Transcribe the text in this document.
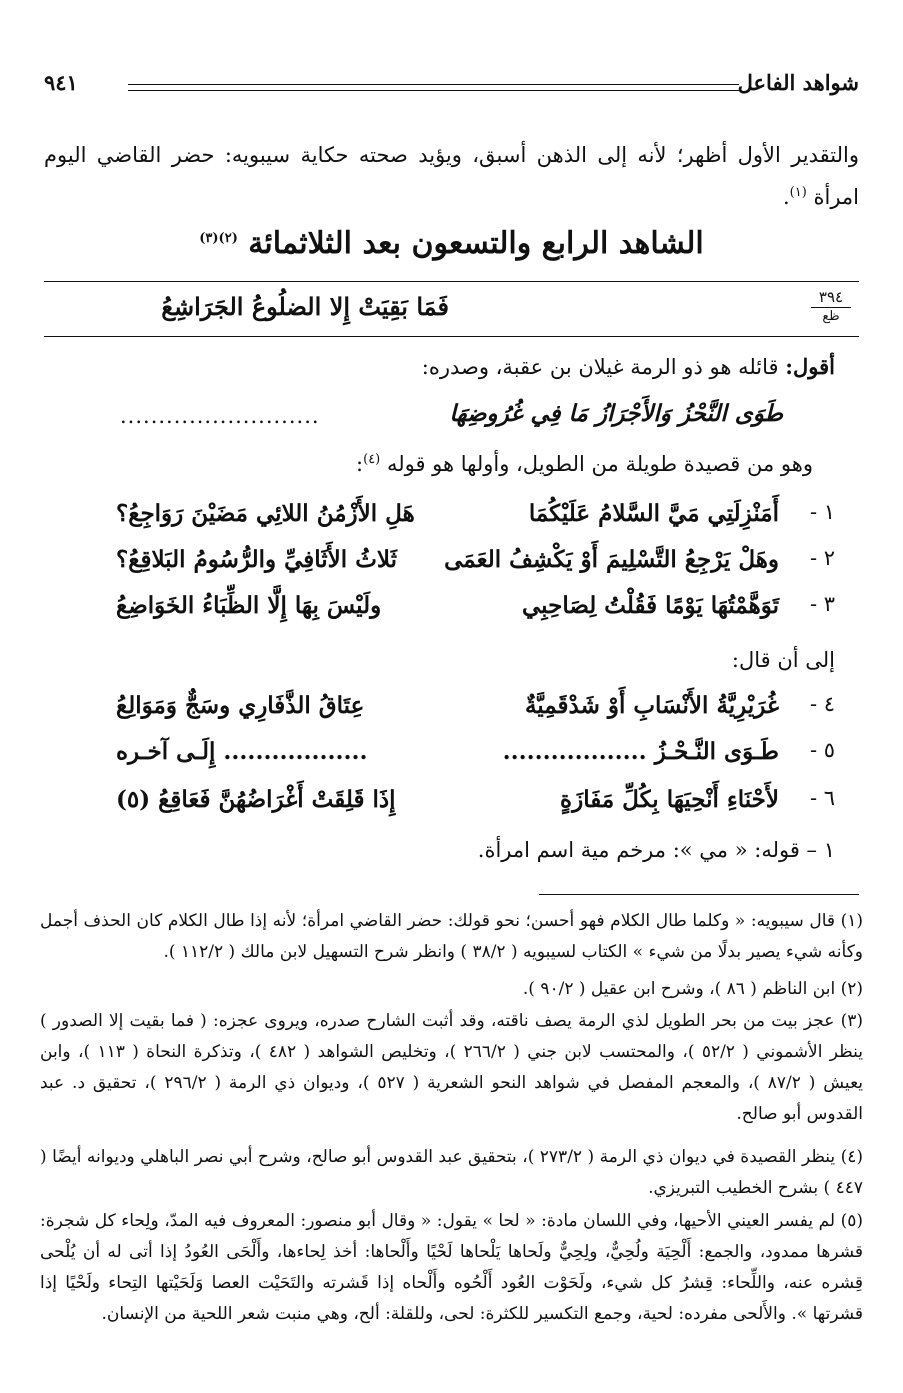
شواهد الفاعل
٩٤١
والتقدير الأول أظهر؛ لأنه إلى الذهن أسبق، ويؤيد صحته حكاية سيبويه: حضر القاضي اليوم امرأة $^{(١)}$.
الشاهد الرابع والتسعون بعد الثلاثمائة $^{(٢)(٣)}$
٣٩٤
ظع
فَمَا بَقِيَتْ إِلا الضلُوعُ الجَرَاشِعُ
أقول: قائله هو ذو الرمة غيلان بن عقبة، وصدره:
طَوَى النَّحْزُ وَالأَجْرَازُ مَا فِي غُرُوضِهَا
..........................
وهو من قصيدة طويلة من الطويل، وأولها هو قوله $^{(٤)}$:
١ -
أَمَنْزِلَتِي مَيَّ السَّلامُ عَلَيْكُمَا
هَلِ الأَزْمُنُ اللائِي مَضَيْنَ رَوَاجِعُ؟
٢ -
وهَلْ يَرْجِعُ التَّسْلِيمَ أَوْ يَكْشِفُ العَمَى
ثَلاثُ الأَثَافِيِّ والرُّسُومُ البَلاقِعُ؟
٣ -
تَوَهَّمْتُهَا يَوْمًا فَقُلْتُ لِصَاحِبِي
ولَيْسَ بِهَا إِلَّا الظِّبَاءُ الخَوَاضِعُ
إلى أن قال:
٤ -
غُرَيْرِيَّةُ الأَنْسَابِ أَوْ شَدْقَمِيَّةٌ
عِتَاقُ الذَّفَارِي وسَجٌّ وَمَوَالِعُ
٥ -
طَـوَى النَّـحْـزُ ..................
.................. إِلَـى آخـره
٦ -
لأَحْنَاءِ أَنْحِيَهَا بِكُلِّ مَفَازَةٍ
إِذَا قَلِقَتْ أَغْرَاضُهُنَّ فَعَاقِعُ (٥)
١ – قوله: « مي »: مرخم مية اسم امرأة.
(١) قال سيبويه: « وكلما طال الكلام فهو أحسن؛ نحو قولك: حضر القاضي امرأة؛ لأنه إذا طال الكلام كان الحذف أجمل وكأنه شيء يصير بدلًا من شيء » الكتاب لسيبويه ( ٣٨/٢ ) وانظر شرح التسهيل لابن مالك ( ١١٢/٢ ).
(٢) ابن الناظم ( ٨٦ )، وشرح ابن عقيل ( ٩٠/٢ ).
(٣) عجز بيت من بحر الطويل لذي الرمة يصف ناقته، وقد أثبت الشارح صدره، ويروى عجزه: ( فما بقيت إلا الصدور ) ينظر الأشموني ( ٥٢/٢ )، والمحتسب لابن جني ( ٢٦٦/٢ )، وتخليص الشواهد ( ٤٨٢ )، وتذكرة النحاة ( ١١٣ )، وابن يعيش ( ٨٧/٢ )، والمعجم المفصل في شواهد النحو الشعرية ( ٥٢٧ )، وديوان ذي الرمة ( ٢٩٦/٢ )، تحقيق د. عبد القدوس أبو صالح.
(٤) ينظر القصيدة في ديوان ذي الرمة ( ٢٧٣/٢ )، بتحقيق عبد القدوس أبو صالح، وشرح أبي نصر الباهلي وديوانه أيضًا ( ٤٤٧ ) بشرح الخطيب التبريزي.
(٥) لم يفسر العيني الأحيها، وفي اللسان مادة: « لحا » يقول: « وقال أبو منصور: المعروف فيه المدّ، ولِحاء كل شجرة: قشرها ممدود، والجمع: أَلْحِيَة ولُحِيٌّ، ولِحِيٌّ ولَحاها يَلْحاها لَحْيًا وأَلْحاها: أخذ لِحاءها، وأَلْحَى العُودُ إذا أتى له أن يُلْحى قِشره عنه، واللِّحاء: قِشرُ كل شيء، ولَحَوْت العُود أَلْحُوه وأَلْحاه إذا قَشرته والتَحَيْت العصا وَلَحَيْتها التِحاء ولَحْيًا إذا قشرتها ». والأَلحى مفرده: لحية، وجمع التكسير للكثرة: لحى، وللقلة: ألح، وهي منبت شعر اللحية من الإنسان.
